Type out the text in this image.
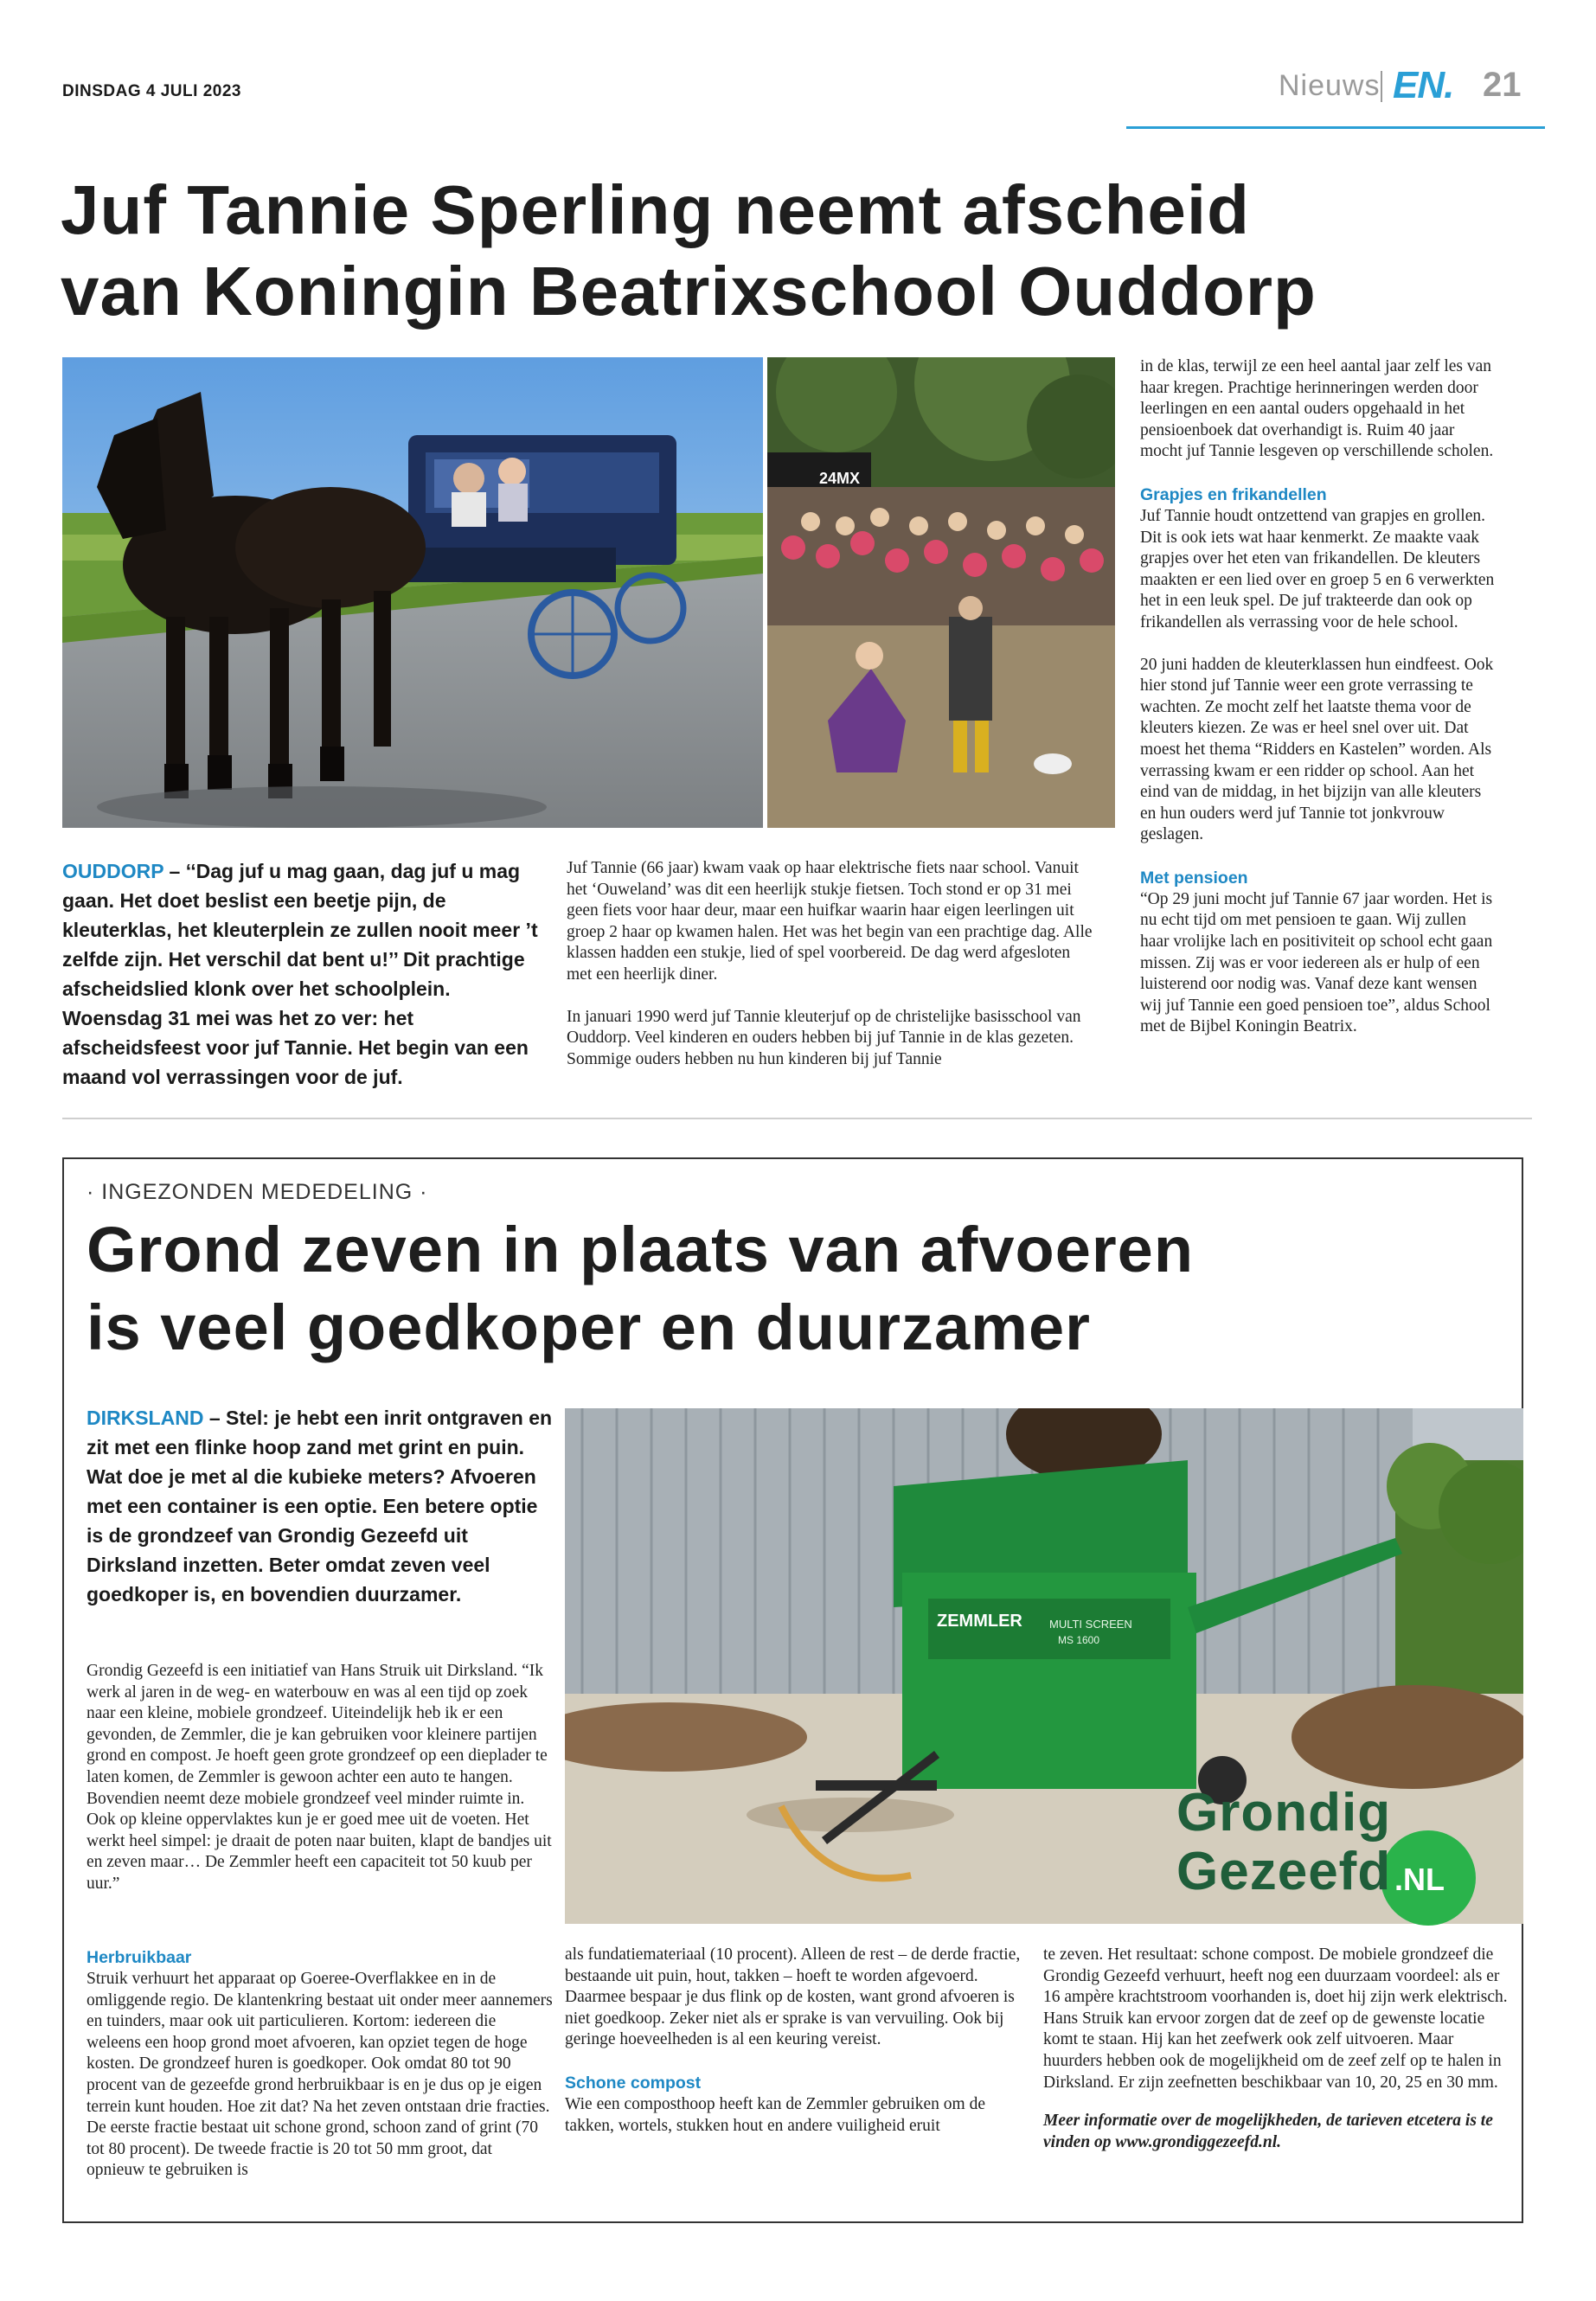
DINSDAG 4 JULI 2023	Nieuws EN. 21
Juf Tannie Sperling neemt afscheid
van Koningin Beatrixschool Ouddorp
24MX

OUDDORP – ‘‘Dag juf u mag gaan, dag juf u mag gaan. Het doet beslist een beetje pijn, de kleuterklas, het kleuterplein ze zullen nooit meer ’t zelfde zijn. Het verschil dat bent u!’’ Dit prachtige afscheidslied klonk over het schoolplein. Woensdag 31 mei was het zo ver: het afscheidsfeest voor juf Tannie. Het begin van een maand vol verrassingen voor de juf.

Juf Tannie (66 jaar) kwam vaak op haar elektrische fiets naar school. Vanuit het ‘Ouweland’ was dit een heerlijk stukje fietsen. Toch stond er op 31 mei geen fiets voor haar deur, maar een huifkar waarin haar eigen leerlingen uit groep 2 haar op kwamen halen. Het was het begin van een prachtige dag. Alle klassen hadden een stukje, lied of spel voorbereid. De dag werd afgesloten met een heerlijk diner.

In januari 1990 werd juf Tannie kleuterjuf op de christelijke basisschool van Ouddorp. Veel kinderen en ouders hebben bij juf Tannie in de klas gezeten. Sommige ouders hebben nu hun kinderen bij juf Tannie

in de klas, terwijl ze een heel aantal jaar zelf les van haar kregen. Prachtige herinneringen werden door leerlingen en een aantal ouders opgehaald in het pensioenboek dat overhandigt is. Ruim 40 jaar mocht juf Tannie lesgeven op verschillende scholen.

Grapjes en frikandellen

Juf Tannie houdt ontzettend van grapjes en grollen. Dit is ook iets wat haar kenmerkt. Ze maakte vaak grapjes over het eten van frikandellen. De kleuters maakten er een lied over en groep 5 en 6 verwerkten het in een leuk spel. De juf trakteerde dan ook op frikandellen als verrassing voor de hele school.

20 juni hadden de kleuterklassen hun eindfeest. Ook hier stond juf Tannie weer een grote verrassing te wachten. Ze mocht zelf het laatste thema voor de kleuters kiezen. Ze was er heel snel over uit. Dat moest het thema “Ridders en Kastelen” worden. Als verrassing kwam er een ridder op school. Aan het eind van de middag, in het bijzijn van alle kleuters en hun ouders werd juf Tannie tot jonkvrouw geslagen.

Met pensioen

“Op 29 juni mocht juf Tannie 67 jaar worden. Het is nu echt tijd om met pensioen te gaan. Wij zullen haar vrolijke lach en positiviteit op school echt gaan missen. Zij was er voor iedereen als er hulp of een luisterend oor nodig was. Vanaf deze kant wensen wij juf Tannie een goed pensioen toe”, aldus School met de Bijbel Koningin Beatrix.

· INGEZONDEN MEDEDELING ·
Grond zeven in plaats van afvoeren
is veel goedkoper en duurzamer

DIRKSLAND – Stel: je hebt een inrit ontgraven en zit met een flinke hoop zand met grint en puin. Wat doe je met al die kubieke meters? Afvoeren met een container is een optie. Een betere optie is de grondzeef van Grondig Gezeefd uit Dirksland inzetten. Beter omdat zeven veel goedkoper is, en bovendien duurzamer.

Grondig Gezeefd is een initiatief van Hans Struik uit Dirksland. “Ik werk al jaren in de weg- en waterbouw en was al een tijd op zoek naar een kleine, mobiele grondzeef. Uiteindelijk heb ik er een gevonden, de Zemmler, die je kan gebruiken voor kleinere partijen grond en compost. Je hoeft geen grote grondzeef op een dieplader te laten komen, de Zemmler is gewoon achter een auto te hangen. Bovendien neemt deze mobiele grondzeef veel minder ruimte in. Ook op kleine oppervlaktes kun je er goed mee uit de voeten. Het werkt heel simpel: je draait de poten naar buiten, klapt de bandjes uit en zeven maar… De Zemmler heeft een capaciteit tot 50 kuub per uur.”

ZEMMLER MULTI SCREEN
MS 1600
Grondig
Gezeefd .NL
Herbruikbaar

Struik verhuurt het apparaat op Goeree-Overflakkee en in de omliggende regio. De klantenkring bestaat uit onder meer aannemers en tuinders, maar ook uit particulieren. Kortom: iedereen die weleens een hoop grond moet afvoeren, kan opziet tegen de hoge kosten. De grondzeef huren is goedkoper. Ook omdat 80 tot 90 procent van de gezeefde grond herbruikbaar is en je dus op je eigen terrein kunt houden. Hoe zit dat? Na het zeven ontstaan drie fracties. De eerste fractie bestaat uit schone grond, schoon zand of grint (70 tot 80 procent). De tweede fractie is 20 tot 50 mm groot, dat opnieuw te gebruiken is

als fundatiemateriaal (10 procent). Alleen de rest – de derde fractie, bestaande uit puin, hout, takken – hoeft te worden afgevoerd. Daarmee bespaar je dus flink op de kosten, want grond afvoeren is niet goedkoop. Zeker niet als er sprake is van vervuiling. Ook bij geringe hoeveelheden is al een keuring vereist.

Schone compost

Wie een composthoop heeft kan de Zemmler gebruiken om de takken, wortels, stukken hout en andere vuiligheid eruit

te zeven. Het resultaat: schone compost. De mobiele grondzeef die Grondig Gezeefd verhuurt, heeft nog een duurzaam voordeel: als er 16 ampère krachtstroom voorhanden is, doet hij zijn werk elektrisch. Hans Struik kan ervoor zorgen dat de zeef op de gewenste locatie komt te staan. Hij kan het zeefwerk ook zelf uitvoeren. Maar huurders hebben ook de mogelijkheid om de zeef zelf op te halen in Dirksland. Er zijn zeefnetten beschikbaar van 10, 20, 25 en 30 mm.

Meer informatie over de mogelijkheden, de tarieven etcetera is te vinden op www.grondiggezeefd.nl.
